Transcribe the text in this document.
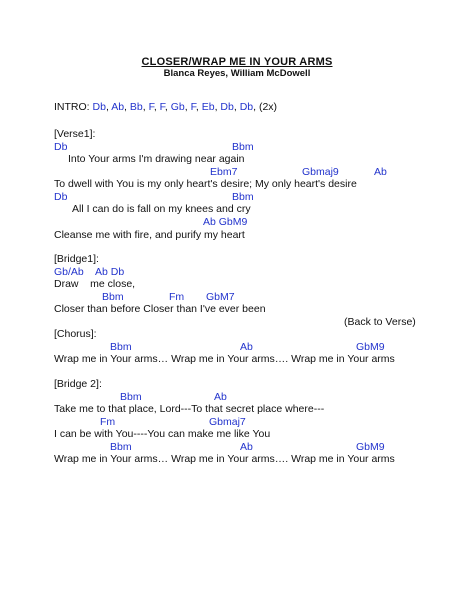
CLOSER/WRAP ME IN YOUR ARMS
Blanca Reyes, William McDowell
INTRO: Db, Ab, Bb, F, F, Gb, F, Eb, Db, Db, (2x)
[Verse1]:
Db	Bbm
Into Your arms I'm drawing near again
Ebm7	Gbmaj9	Ab
To dwell with You is my only heart's desire; My only heart's desire
Db	Bbm
All I can do is fall on my knees and cry
Ab GbM9
Cleanse me with fire, and purify my heart
[Bridge1]:
Gb/Ab Ab Db
Draw    me close,
Bbm	Fm GbM7
Closer than before Closer than I've ever been
(Back to Verse)
[Chorus]:
Bbm	Ab	GbM9
Wrap me in Your arms… Wrap me in Your arms…. Wrap me in Your arms
[Bridge 2]:
Bbm	Ab
Take me to that place, Lord---To that secret place where---
Fm	Gbmaj7
I can be with You----You can make me like You
Bbm	Ab	GbM9
Wrap me in Your arms… Wrap me in Your arms…. Wrap me in Your arms
